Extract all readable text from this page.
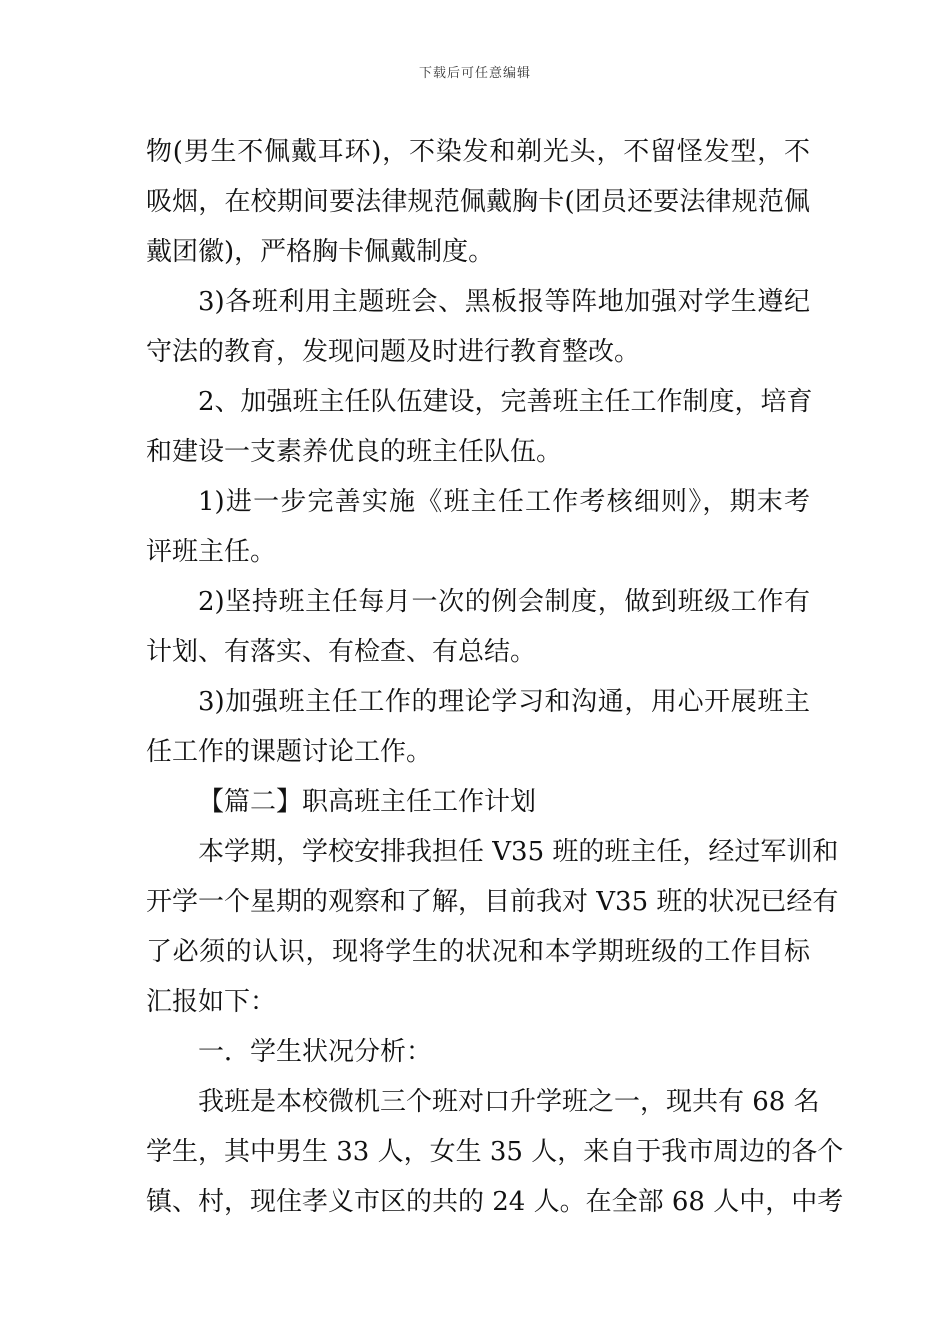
下载后可任意编辑
物(男生不佩戴耳环)，不染发和剃光头，不留怪发型，不
吸烟，在校期间要法律规范佩戴胸卡(团员还要法律规范佩
戴团徽)，严格胸卡佩戴制度。
3)各班利用主题班会、黑板报等阵地加强对学生遵纪
守法的教育，发现问题及时进行教育整改。
2、加强班主任队伍建设，完善班主任工作制度，培育
和建设一支素养优良的班主任队伍。
1)进一步完善实施《班主任工作考核细则》，期末考
评班主任。
2)坚持班主任每月一次的例会制度，做到班级工作有
计划、有落实、有检查、有总结。
3)加强班主任工作的理论学习和沟通，用心开展班主
任工作的课题讨论工作。
【篇二】职高班主任工作计划
本学期，学校安排我担任 V35 班的班主任，经过军训和
开学一个星期的观察和了解，目前我对 V35 班的状况已经有
了必须的认识，现将学生的状况和本学期班级的工作目标
汇报如下：
一．学生状况分析：
我班是本校微机三个班对口升学班之一，现共有 68 名
学生，其中男生 33 人，女生 35 人，来自于我市周边的各个
镇、村，现住孝义市区的共的 24 人。在全部 68 人中，中考
